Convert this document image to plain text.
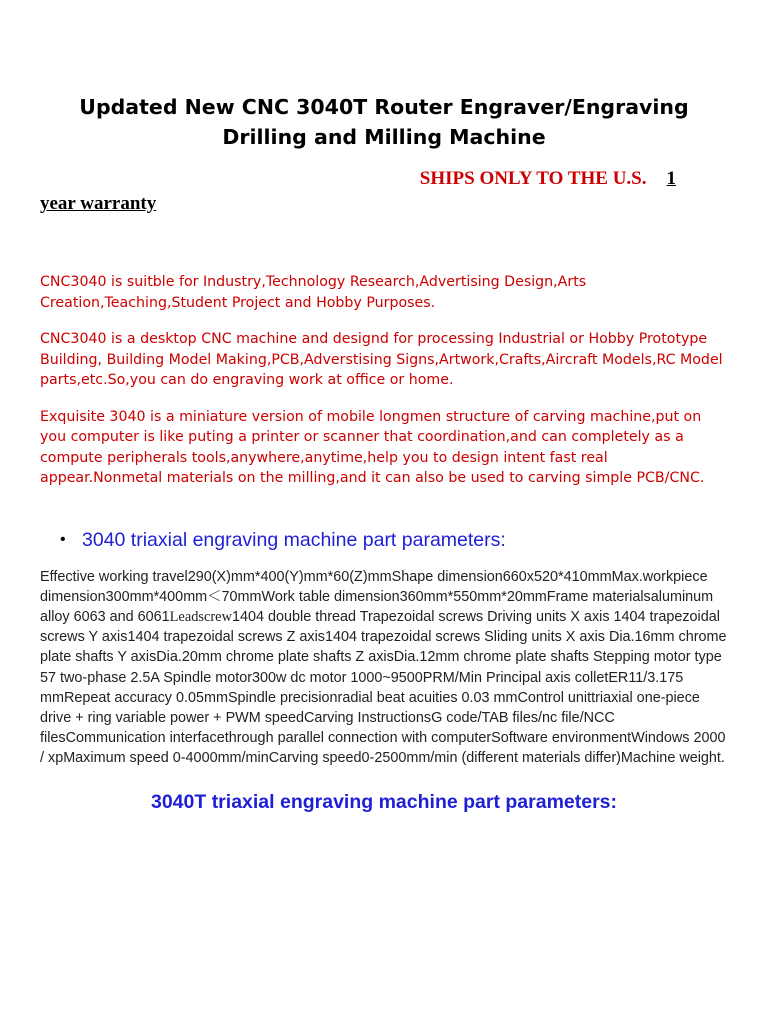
Updated New CNC 3040T Router Engraver/Engraving Drilling and Milling Machine

SHIPS ONLY TO THE U.S. 1

year warranty

CNC3040 is suitble for Industry,Technology Research,Advertising Design,Arts Creation,Teaching,Student Project and Hobby Purposes.

CNC3040 is a desktop CNC machine and designd for processing Industrial or Hobby Prototype Building, Building Model Making,PCB,Adverstising Signs,Artwork,Crafts,Aircraft Models,RC Model parts,etc.So,you can do engraving work at office or home.

Exquisite 3040 is a miniature version of mobile longmen structure of carving machine,put on you computer is like puting a printer or scanner that coordination,and can completely as a compute peripherals tools,anywhere,anytime,help you to design intent fast real appear.Nonmetal materials on the milling,and it can also be used to carving simple PCB/CNC.

• 3040 triaxial engraving machine part parameters:

Effective working travel290(X)mm*400(Y)mm*60(Z)mmShape dimension660x520*410mmMax.workpiece dimension300mm*400mm＜70mmWork table dimension360mm*550mm*20mmFrame materialsaluminum alloy 6063 and 6061Leadscrew1404 double thread Trapezoidal screws Driving units X axis 1404 trapezoidal screws Y axis1404 trapezoidal screws Z axis1404 trapezoidal screws Sliding units X axis Dia.16mm chrome plate shafts Y axisDia.20mm chrome plate shafts Z axisDia.12mm chrome plate shafts Stepping motor type 57 two-phase 2.5A Spindle motor300w dc motor 1000~9500PRM/Min Principal axis colletER11/3.175 mmRepeat accuracy 0.05mmSpindle precisionradial beat acuities 0.03 mmControl unittriaxial one-piece drive + ring variable power + PWM speedCarving InstructionsG code/TAB files/nc file/NCC filesCommunication interfacethrough parallel connection with computerSoftware environmentWindows 2000 / xpMaximum speed 0-4000mm/minCarving speed0-2500mm/min (different materials differ)Machine weight.

3040T triaxial engraving machine part parameters:
